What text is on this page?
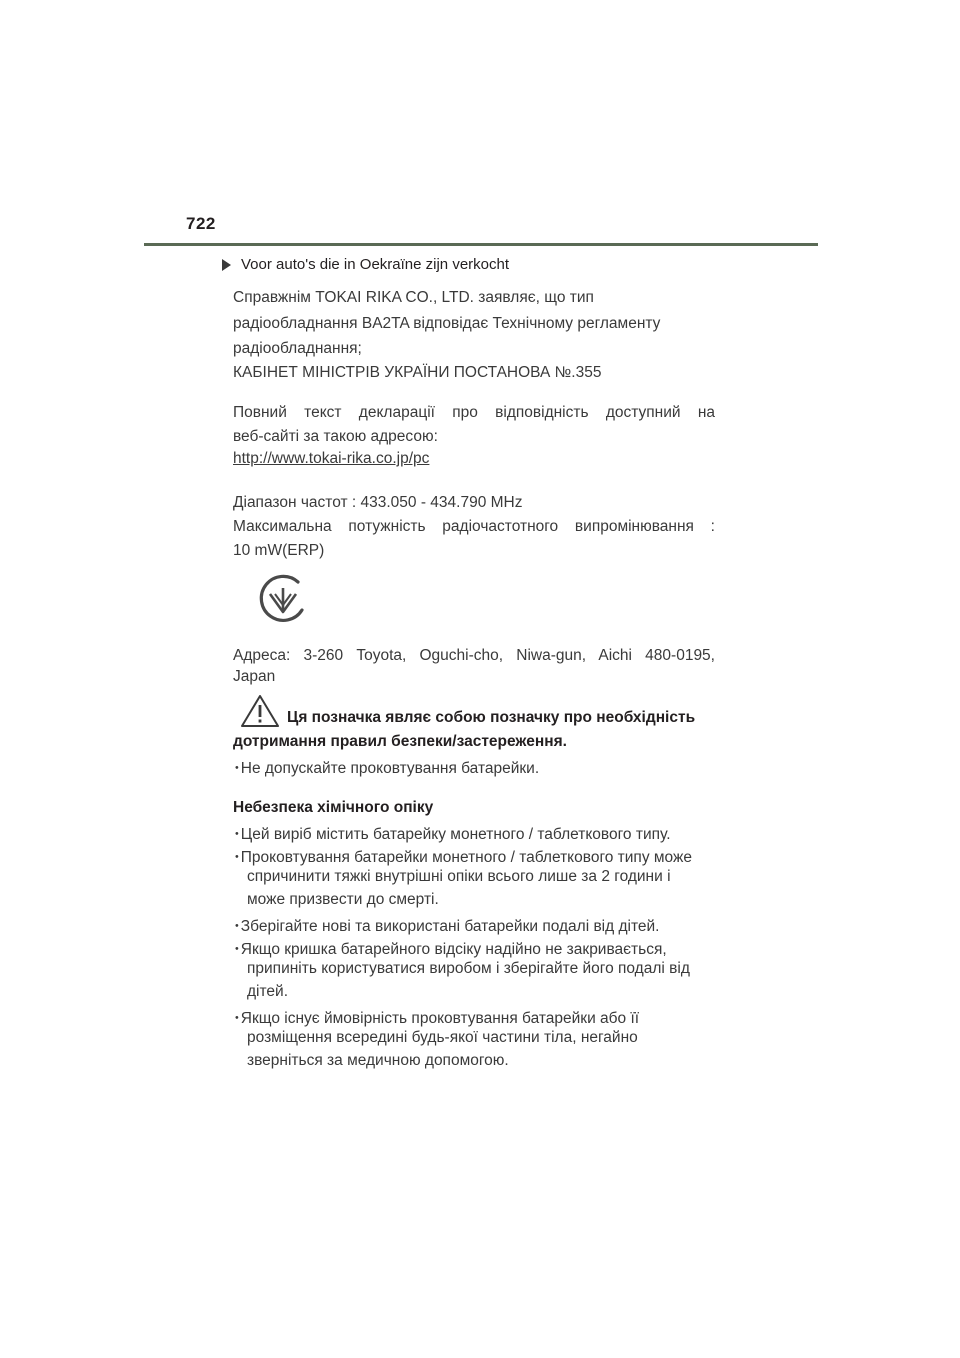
722
Voor auto's die in Oekraïne zijn verkocht
Справжнім TOKAI RIKA CO., LTD. заявляє, що тип
радіообладнання BA2TA відповідає Технічному регламенту
радіообладнання;
КАБІНЕТ МІНІСТРІВ УКРАЇНИ ПОСТАНОВА №.355
Повний текст декларації про відповідність доступний на
веб-сайті за такою адресою:
http://www.tokai-rika.co.jp/pc
Діапазон частот : 433.050 - 434.790 MHz
Максимальна потужність радіочастотного випромінювання :
10 mW(ERP)
Адреса: 3-260 Toyota, Oguchi-cho, Niwa-gun, Aichi 480-0195,
Japan
Ця позначка являє собою позначку про необхідність
дотримання правил безпеки/застереження.
･Не допускайте проковтування батарейки.
Небезпека хімічного опіку
･Цей виріб містить батарейку монетного / таблеткового типу.
･Проковтування батарейки монетного / таблеткового типу може
спричинити тяжкі внутрішні опіки всього лише за 2 години і
може призвести до смерті.
･Зберігайте нові та використані батарейки подалі від дітей.
･Якщо кришка батарейного відсіку надійно не закривається,
припиніть користуватися виробом і зберігайте його подалі від
дітей.
･Якщо існує ймовірність проковтування батарейки або її
розміщення всередині будь-якої частини тіла, негайно
зверніться за медичною допомогою.
